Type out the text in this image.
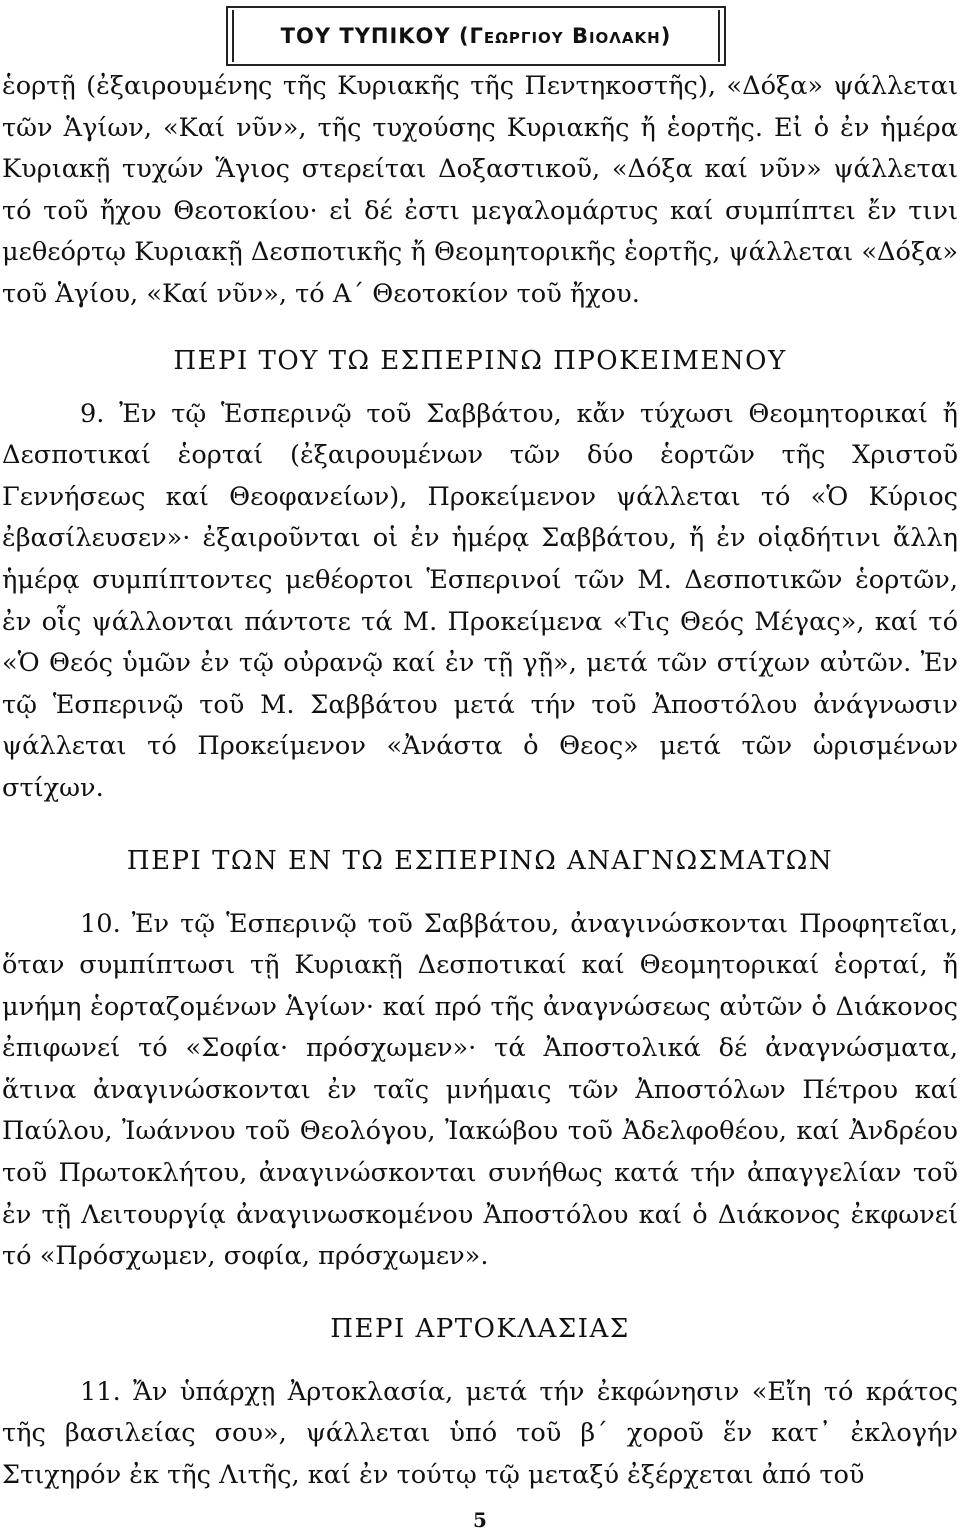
ΤΟΥ ΤΥΠΙΚΟΥ (Γεωργιου Βιολακη)

ἑορτῇ (ἐξαιρουμένης τῆς Κυριακῆς τῆς Πεντηκοστῆς), «Δόξα» ψάλλεται τῶν Ἁγίων, «Καί νῦν», τῆς τυχούσης Κυριακῆς ἤ ἑορτῆς. Εἰ ὁ ἐν ἡμέρα Κυριακῇ τυχών Ἅγιος στερείται Δοξαστικοῦ, «Δόξα καί νῦν» ψάλλεται τό τοῦ ἤχου Θεοτοκίου· εἰ δέ ἐστι μεγαλομάρτυς καί συμπίπτει ἔν τινι μεθεόρτῳ Κυριακῇ Δεσποτικῆς ἤ Θεομητορικῆς ἑορτῆς, ψάλλεται «Δόξα» τοῦ Ἁγίου, «Καί νῦν», τό Α΄ Θεοτοκίον τοῦ ἤχου.

ΠΕΡΙ ΤΟΥ ΤΩ ΕΣΠΕΡΙΝΩ ΠΡΟΚΕΙΜΕΝΟΥ

9. Ἐν τῷ Ἑσπερινῷ τοῦ Σαββάτου, κἄν τύχωσι Θεομητορικαί ἤ Δεσποτικαί ἑορταί (ἐξαιρουμένων τῶν δύο ἑορτῶν τῆς Χριστοῦ Γεννήσεως καί Θεοφανείων), Προκείμενον ψάλλεται τό «Ὁ Κύριος ἐβασίλευσεν»· ἐξαιροῦνται οἱ ἐν ἡμέρᾳ Σαββάτου, ἤ ἐν οἱᾳδήτινι ἄλλη ἡμέρᾳ συμπίπτοντες μεθέορτοι Ἑσπερινοί τῶν Μ. Δεσποτικῶν ἑορτῶν, ἐν οἷς ψάλλονται πάντοτε τά Μ. Προκείμενα «Τις Θεός Μέγας», καί τό «Ὁ Θεός ὑμῶν ἐν τῷ οὐρανῷ καί ἐν τῇ γῇ», μετά τῶν στίχων αὐτῶν. Ἐν τῷ Ἑσπερινῷ τοῦ Μ. Σαββάτου μετά τήν τοῦ Ἀποστόλου ἀνάγνωσιν ψάλλεται τό Προκείμενον «Ἀνάστα ὁ Θεος» μετά τῶν ὡρισμένων στίχων.

ΠΕΡΙ ΤΩΝ ΕΝ ΤΩ ΕΣΠΕΡΙΝΩ ΑΝΑΓΝΩΣΜΑΤΩΝ

10. Ἐν τῷ Ἑσπερινῷ τοῦ Σαββάτου, ἀναγινώσκονται Προφητεῖαι, ὅταν συμπίπτωσι τῇ Κυριακῇ Δεσποτικαί καί Θεομητορικαί ἑορταί, ἤ μνήμη ἑορταζομένων Ἁγίων· καί πρό τῆς ἀναγνώσεως αὐτῶν ὁ Διάκονος ἐπιφωνεί τό «Σοφία· πρόσχωμεν»· τά Ἀποστολικά δέ ἀναγνώσματα, ἅτινα ἀναγινώσκονται ἐν ταῖς μνήμαις τῶν Ἀποστόλων Πέτρου καί Παύλου, Ἰωάννου τοῦ Θεολόγου, Ἰακώβου τοῦ Ἀδελφοθέου, καί Ἀνδρέου τοῦ Πρωτοκλήτου, ἀναγινώσκονται συνήθως κατά τήν ἀπαγγελίαν τοῦ ἐν τῇ Λειτουργίᾳ ἀναγινωσκομένου Ἀποστόλου καί ὁ Διάκονος ἐκφωνεί τό «Πρόσχωμεν, σοφία, πρόσχωμεν».

ΠΕΡΙ ΑΡΤΟΚΛΑΣΙΑΣ

11. Ἄν ὑπάρχῃ Ἀρτοκλασία, μετά τήν ἐκφώνησιν «Εἴη τό κράτος τῆς βασιλείας σου», ψάλλεται ὑπό τοῦ β΄ χοροῦ ἕν κατ᾿ ἐκλογήν Στιχηρόν ἐκ τῆς Λιτῆς, καί ἐν τούτῳ τῷ μεταξύ ἐξέρχεται ἀπό τοῦ

5
